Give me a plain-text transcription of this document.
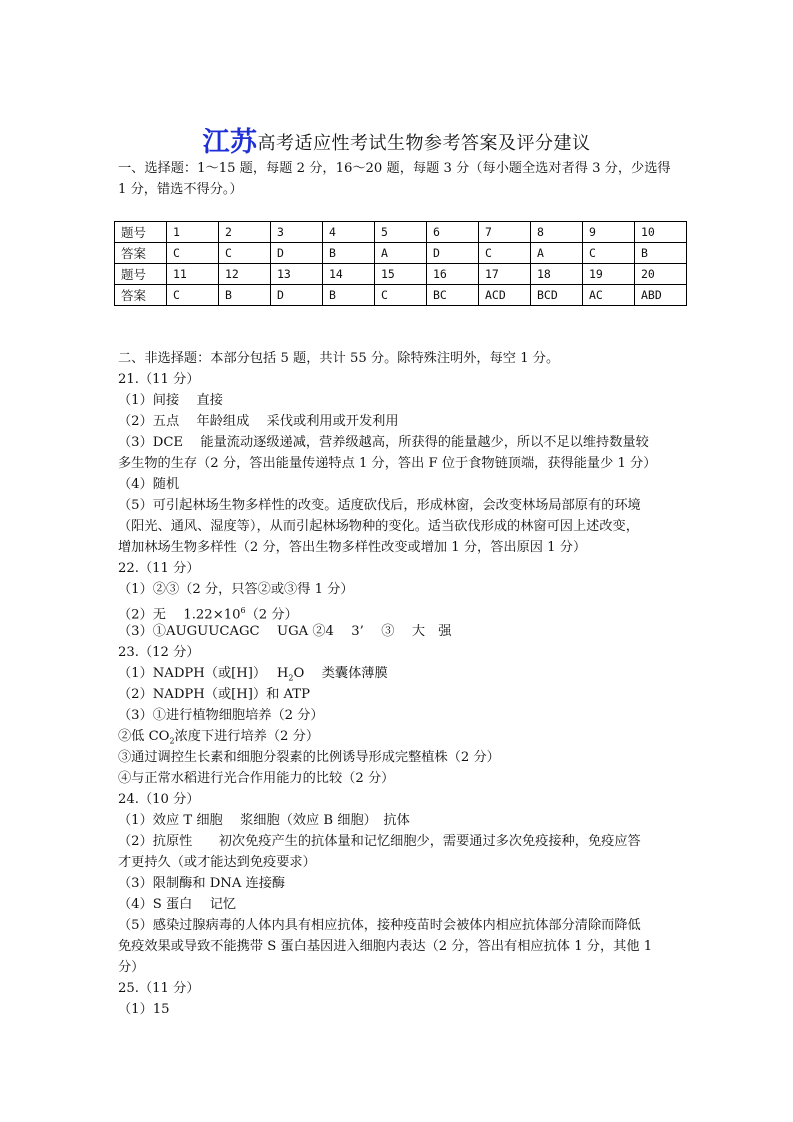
江苏高考适应性考试生物参考答案及评分建议
一、选择题：1～15 题，每题 2 分，16～20 题，每题 3 分（每小题全选对者得 3 分，少选得
1 分，错选不得分。）
题号	1	2	3	4	5	6	7	8	9	10
答案	C	C	D	B	A	D	C	A	C	B
题号	11	12	13	14	15	16	17	18	19	20
答案	C	B	D	B	C	BC	ACD	BCD	AC	ABD
二、非选择题：本部分包括 5 题，共计 55 分。除特殊注明外，每空 1 分。
21.（11 分）
（1）间接　 直接
（2）五点　 年龄组成　 采伐或利用或开发利用
（3）DCE　 能量流动逐级递减，营养级越高，所获得的能量越少，所以不足以维持数量较
多生物的生存（2 分，答出能量传递特点 1 分，答出 F 位于食物链顶端，获得能量少 1 分）
（4）随机
（5）可引起林场生物多样性的改变。适度砍伐后，形成林窗，会改变林场局部原有的环境
（阳光、通风、湿度等），从而引起林场物种的变化。适当砍伐形成的林窗可因上述改变，
增加林场生物多样性（2 分，答出生物多样性改变或增加 1 分，答出原因 1 分）
22.（11 分）
（1）②③（2 分，只答②或③得 1 分）
（2）无　 $1.22\times 10^6(2$ 分）
（3）①AUGUUCAGC　 UGA ②4　 3’　 ③　 大　强
23.（12 分）
（1）NADPH（或[H]）　 $H_2O$　 类囊体薄膜
（2）NADPH（或[H]）和 ATP
（3）①进行植物细胞培养（2 分）
②低 $CO_2$浓度下进行培养（2 分）
③通过调控生长素和细胞分裂素的比例诱导形成完整植株（2 分）
④与正常水稻进行光合作用能力的比较（2 分）
24.（10 分）
（1）效应 T 细胞　 浆细胞（效应 B 细胞）　抗体
（2）抗原性　　初次免疫产生的抗体量和记忆细胞少，需要通过多次免疫接种，免疫应答
才更持久（或才能达到免疫要求）
（3）限制酶和 DNA 连接酶
（4）S 蛋白　 记忆
（5）感染过腺病毒的人体内具有相应抗体，接种疫苗时会被体内相应抗体部分清除而降低
免疫效果或导致不能携带 S 蛋白基因进入细胞内表达（2 分，答出有相应抗体 1 分，其他 1
分）
25.（11 分）
（1）15
